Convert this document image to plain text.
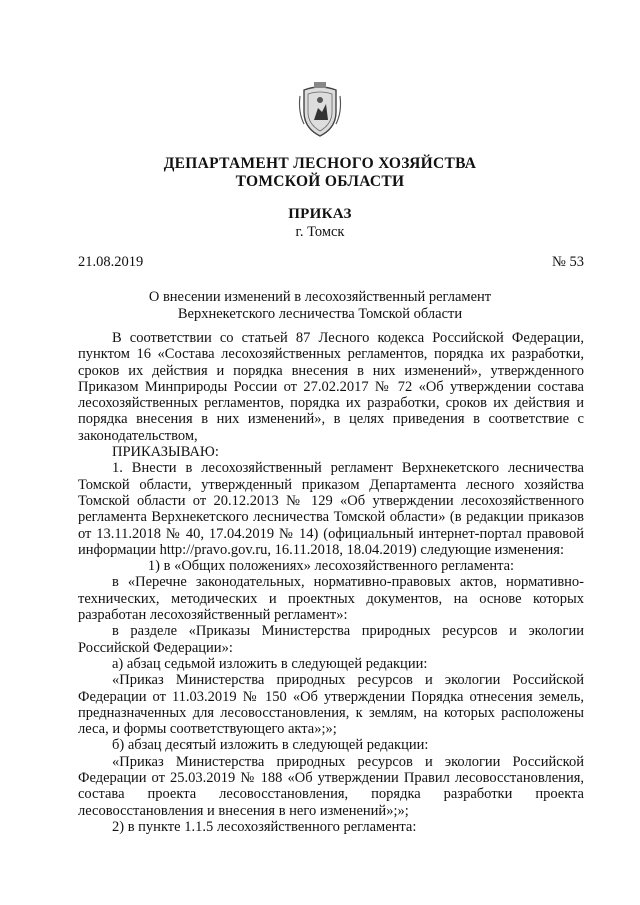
ДЕПАРТАМЕНТ ЛЕСНОГО ХОЗЯЙСТВА
ТОМСКОЙ ОБЛАСТИ
ПРИКАЗ
г. Томск
21.08.2019	№ 53
О внесении изменений в лесохозяйственный регламент
Верхнекетского лесничества Томской области

В соответствии со статьей 87 Лесного кодекса Российской Федерации, пунктом 16 «Состава лесохозяйственных регламентов, порядка их разработки, сроков их действия и порядка внесения в них изменений», утвержденного Приказом Минприроды России от 27.02.2017 № 72 «Об утверждении состава лесохозяйственных регламентов, порядка их разработки, сроков их действия и порядка внесения в них изменений», в целях приведения в соответствие с законодательством,

ПРИКАЗЫВАЮ:

1. Внести в лесохозяйственный регламент Верхнекетского лесничества Томской области, утвержденный приказом Департамента лесного хозяйства Томской области от 20.12.2013 № 129 «Об утверждении лесохозяйственного регламента Верхнекетского лесничества Томской области» (в редакции приказов от 13.11.2018 № 40, 17.04.2019 № 14) (официальный интернет-портал правовой информации http://pravo.gov.ru, 16.11.2018, 18.04.2019) следующие изменения:

1) в «Общих положениях» лесохозяйственного регламента:

в «Перечне законодательных, нормативно-правовых актов, нормативно-технических, методических и проектных документов, на основе которых разработан лесохозяйственный регламент»:

в разделе «Приказы Министерства природных ресурсов и экологии Российской Федерации»:

а) абзац седьмой изложить в следующей редакции:

«Приказ Министерства природных ресурсов и экологии Российской Федерации от 11.03.2019 № 150 «Об утверждении Порядка отнесения земель, предназначенных для лесовосстановления, к землям, на которых расположены леса, и формы соответствующего акта»;»;

б) абзац десятый изложить в следующей редакции:

«Приказ Министерства природных ресурсов и экологии Российской Федерации от 25.03.2019 № 188 «Об утверждении Правил лесовосстановления, состава проекта лесовосстановления, порядка разработки проекта лесовосстановления и внесения в него изменений»;»;

2) в пункте 1.1.5 лесохозяйственного регламента:
